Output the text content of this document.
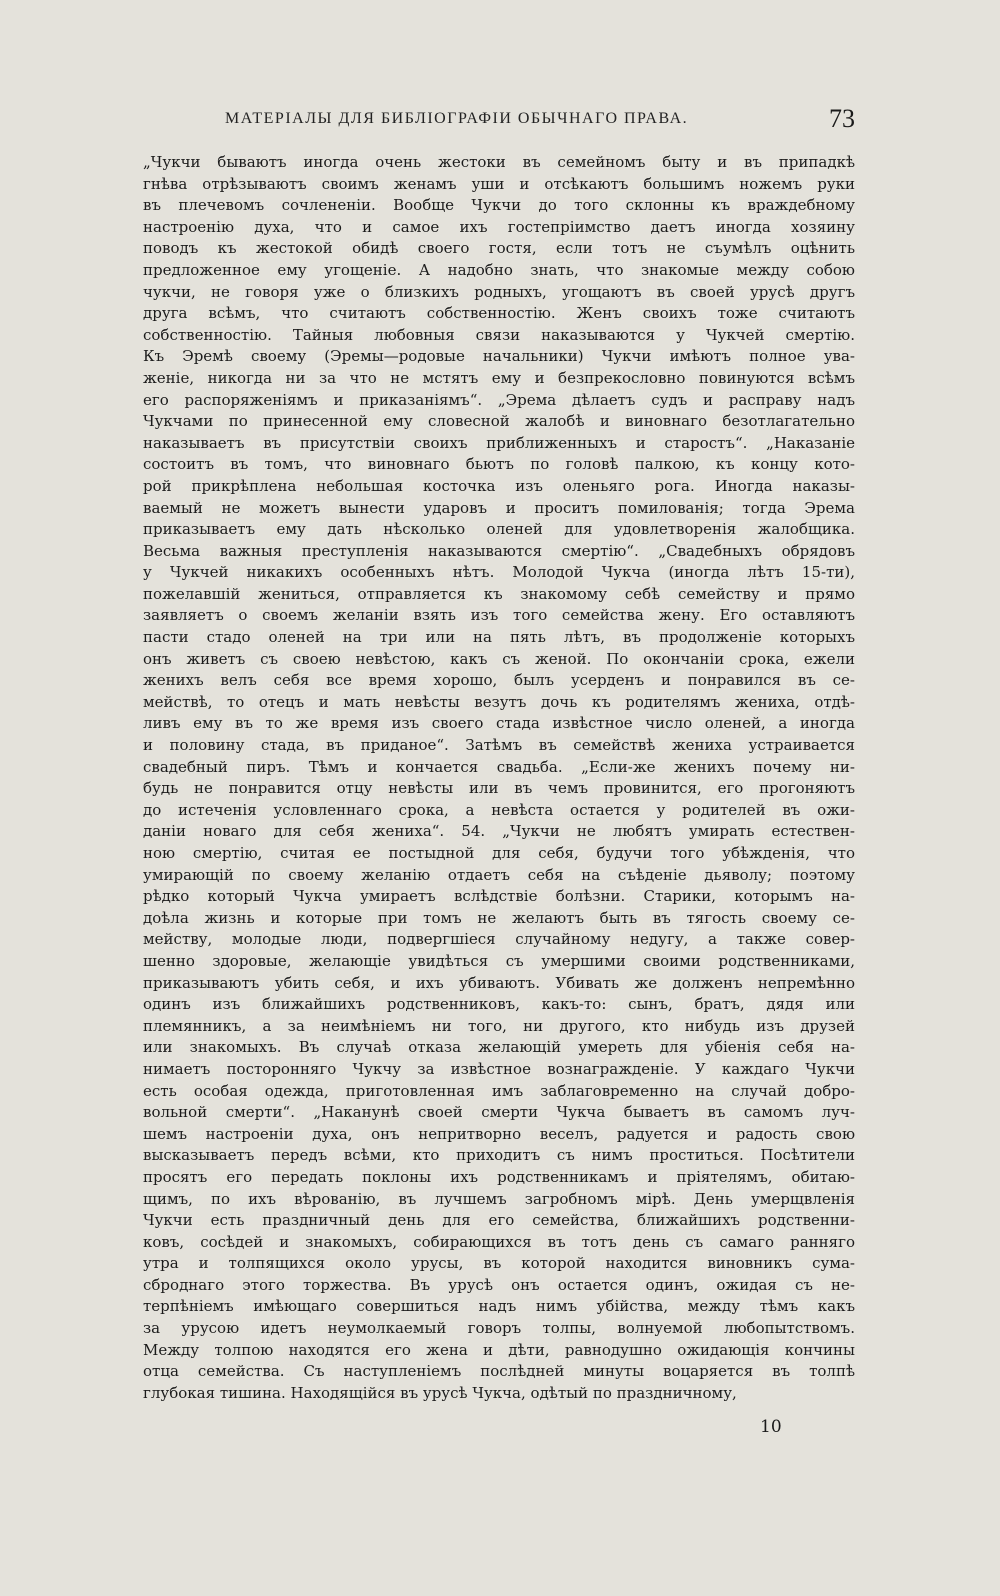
МАТЕРІАЛЫ ДЛЯ БИБЛІОГРАФІИ ОБЫЧНАГО ПРАВА.	73
„Чукчи бываютъ иногда очень жестоки въ семейномъ быту и въ припадкѣ
гнѣва отрѣзываютъ своимъ женамъ уши и отсѣкаютъ большимъ ножемъ руки
въ плечевомъ сочлененіи. Вообще Чукчи до того склонны къ враждебному
настроенію духа, что и самое ихъ гостепріимство даетъ иногда хозяину
поводъ къ жестокой обидѣ своего гостя, если тотъ не съумѣлъ оцѣнить
предложенное ему угощеніе. А надобно знать, что знакомые между собою
чукчи, не говоря уже о близкихъ родныхъ, угощаютъ въ своей урусѣ другъ
друга всѣмъ, что считаютъ собственностію. Женъ своихъ тоже считаютъ
собственностію. Тайныя любовныя связи наказываются у Чукчей смертію.
Къ Эремѣ своему (Эремы—родовые начальники) Чукчи имѣютъ полное ува-
женіе, никогда ни за что не мстятъ ему и безпрекословно повинуются всѣмъ
его распоряженіямъ и приказаніямъ“. „Эрема дѣлаетъ судъ и расправу надъ
Чукчами по принесенной ему словесной жалобѣ и виновнаго безотлагательно
наказываетъ въ присутствіи своихъ приближенныхъ и старостъ“. „Наказаніе
состоитъ въ томъ, что виновнаго бьютъ по головѣ палкою, къ концу кото-
рой прикрѣплена небольшая косточка изъ оленьяго рога. Иногда наказы-
ваемый не можетъ вынести ударовъ и проситъ помилованія; тогда Эрема
приказываетъ ему дать нѣсколько оленей для удовлетворенія жалобщика.
Весьма важныя преступленія наказываются смертію“. „Свадебныхъ обрядовъ
у Чукчей никакихъ особенныхъ нѣтъ. Молодой Чукча (иногда лѣтъ 15-ти),
пожелавшій жениться, отправляется къ знакомому себѣ семейству и прямо
заявляетъ о своемъ желаніи взять изъ того семейства жену. Его оставляютъ
пасти стадо оленей на три или на пять лѣтъ, въ продолженіе которыхъ
онъ живетъ съ своею невѣстою, какъ съ женой. По окончаніи срока, ежели
женихъ велъ себя все время хорошо, былъ усерденъ и понравился въ се-
мействѣ, то отецъ и мать невѣсты везутъ дочь къ родителямъ жениха, отдѣ-
ливъ ему въ то же время изъ своего стада извѣстное число оленей, а иногда
и половину стада, въ приданое“. Затѣмъ въ семействѣ жениха устраивается
свадебный пиръ. Тѣмъ и кончается свадьба. „Если-же женихъ почему ни-
будь не понравится отцу невѣсты или въ чемъ провинится, его прогоняютъ
до истеченія условленнаго срока, а невѣста остается у родителей въ ожи-
даніи новаго для себя жениха“. 54. „Чукчи не любятъ умирать естествен-
ною смертію, считая ее постыдной для себя, будучи того убѣжденія, что
умирающій по своему желанію отдаетъ себя на съѣденіе дьяволу; поэтому
рѣдко который Чукча умираетъ вслѣдствіе болѣзни. Старики, которымъ на-
доѣла жизнь и которые при томъ не желаютъ быть въ тягость своему се-
мейству, молодые люди, подвергшіеся случайному недугу, а также совер-
шенно здоровые, желающіе увидѣться съ умершими своими родственниками,
приказываютъ убить себя, и ихъ убиваютъ. Убивать же долженъ непремѣнно
одинъ изъ ближайшихъ родственниковъ, какъ-то: сынъ, братъ, дядя или
племянникъ, а за неимѣніемъ ни того, ни другого, кто нибудь изъ друзей
или знакомыхъ. Въ случаѣ отказа желающій умереть для убіенія себя на-
нимаетъ посторонняго Чукчу за извѣстное вознагражденіе. У каждаго Чукчи
есть особая одежда, приготовленная имъ заблаговременно на случай добро-
вольной смерти“. „Наканунѣ своей смерти Чукча бываетъ въ самомъ луч-
шемъ настроеніи духа, онъ непритворно веселъ, радуется и радость свою
высказываетъ передъ всѣми, кто приходитъ съ нимъ проститься. Посѣтители
просятъ его передать поклоны ихъ родственникамъ и пріятелямъ, обитаю-
щимъ, по ихъ вѣрованію, въ лучшемъ загробномъ мірѣ. День умерщвленія
Чукчи есть праздничный день для его семейства, ближайшихъ родственни-
ковъ, сосѣдей и знакомыхъ, собирающихся въ тотъ день съ самаго ранняго
утра и толпящихся около урусы, въ которой находится виновникъ сума-
сброднаго этого торжества. Въ урусѣ онъ остается одинъ, ожидая съ не-
терпѣніемъ имѣющаго совершиться надъ нимъ убійства, между тѣмъ какъ
за урусою идетъ неумолкаемый говоръ толпы, волнуемой любопытствомъ.
Между толпою находятся его жена и дѣти, равнодушно ожидающія кончины
отца семейства. Съ наступленіемъ послѣдней минуты воцаряется въ толпѣ
глубокая тишина. Находящійся въ урусѣ Чукча, одѣтый по праздничному,
10
